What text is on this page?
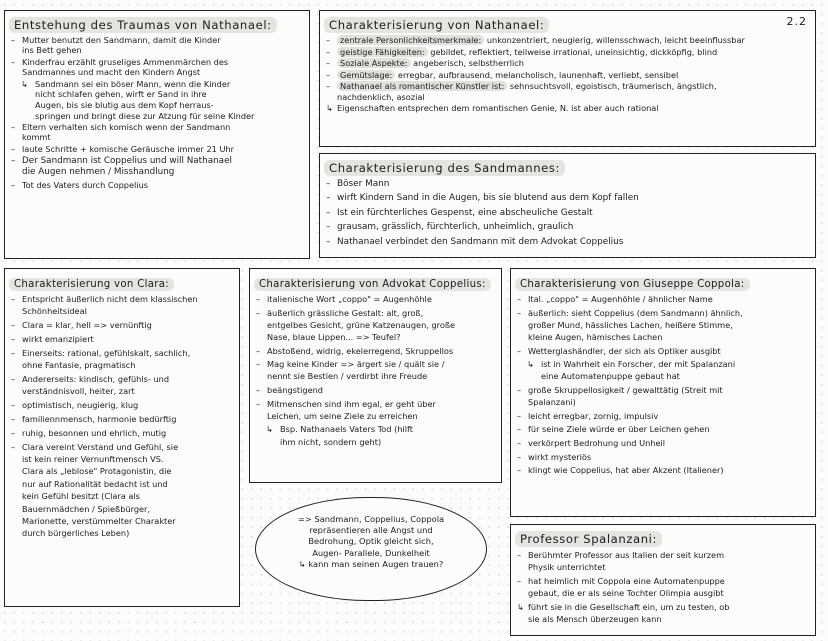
Entstehung des Traumas von Nathanael:
– Mutter benutzt den Sandmann, damit die Kinder
ins Bett gehen
– Kinderfrau erzählt gruseliges Ammenmärchen des
Sandmannes und macht den Kindern Angst
↳ Sandmann sei ein böser Mann, wenn die Kinder
nicht schlafen gehen, wirft er Sand in ihre
Augen, bis sie blutig aus dem Kopf herraus-
springen und bringt diese zur Atzung für seine Kinder
– Eltern verhalten sich komisch wenn der Sandmann
kommt
– laute Schritte + komische Geräusche immer 21 Uhr
– Der Sandmann ist Coppelius und will Nathanael
die Augen nehmen / Misshandlung
– Tot des Vaters durch Coppelius
2.2
Charakterisierung von Nathanael:
– zentrale Personlichkeitsmerkmale: unkonzentriert, neugierig, willensschwach, leicht beeinflussbar
– geistige Fähigkeiten: gebildet, reflektiert, teilweise irrational, uneinsichtig, dickköpfig, blind
– Soziale Aspekte: angeberisch, selbstherrlich
– Gemütslage: erregbar, aufbrausend, melancholisch, launenhaft, verliebt, sensibel
– Nathanael als romantischer Künstler ist: sehnsuchtsvoll, egoistisch, träumerisch, ängstlich,
nachdenklich, asozial
↳ Eigenschaften entsprechen dem romantischen Genie, N. ist aber auch rational
Charakterisierung des Sandmannes:
– Böser Mann
– wirft Kindern Sand in die Augen, bis sie blutend aus dem Kopf fallen
– Ist ein fürchterliches Gespenst, eine abscheuliche Gestalt
– grausam, grässlich, fürchterlich, unheimlich, graulich
– Nathanael verbindet den Sandmann mit dem Advokat Coppelius
Charakterisierung von Clara:
– Entspricht äußerlich nicht dem klassischen
Schönheitsideal
– Clara = klar, hell => vernünftig
– wirkt emanzipiert
– Einerseits: rational, gefühlskalt, sachlich,
ohne Fantasie, pragmatisch
– Andererseits: kindisch, gefühls- und
verständnisvoll, heiter, zart
– optimistisch, neugierig, klug
– familiennmensch, harmonie bedürftig
– ruhig, besonnen und ehrlich, mutig
– Clara vereint Verstand und Gefühl, sie
ist kein reiner Vernunftmensch VS.
Clara als „leblose" Protagonistin, die
nur auf Rationalität bedacht ist und
kein Gefühl besitzt (Clara als
Bauernmädchen / Spießbürger,
Marionette, verstümmelter Charakter
durch bürgerliches Leben)
Charakterisierung von Advokat Coppelius:
– italienische Wort „coppo" = Augenhöhle
– äußerlich grässliche Gestalt: alt, groß,
entgelbes Gesicht, grüne Katzenaugen, große
Nase, blaue Lippen... => Teufel?
– Abstoßend, widrig, ekelerregend, Skruppellos
– Mag keine Kinder => ärgert sie / quält sie /
nennt sie Bestien / verdirbt ihre Freude
– beängstigend
– Mitmenschen sind ihm egal, er geht über
Leichen, um seine Ziele zu erreichen
↳ Bsp. Nathanaels Vaters Tod (hilft
ihm nicht, sondern geht)
Charakterisierung von Giuseppe Coppola:
– Ital. „coppo" = Augenhöhle / ähnlicher Name
– äußerlich: sieht Coppelius (dem Sandmann) ähnlich,
großer Mund, hässliches Lachen, heißere Stimme,
kleine Augen, hämisches Lachen
– Wetterglashändler, der sich als Optiker ausgibt
↳ ist in Wahrheit ein Forscher, der mit Spalanzani
eine Automatenpuppe gebaut hat
– große Skruppellosigkeit / gewalttätig (Streit mit
Spalanzani)
– leicht erregbar, zornig, impulsiv
– für seine Ziele würde er über Leichen gehen
– verkörpert Bedrohung und Unheil
– wirkt mysteriös
– klingt wie Coppelius, hat aber Akzent (Italiener)
Professor Spalanzani:
– Berühmter Professor aus Italien der seit kurzem
Physik unterrichtet
– hat heimlich mit Coppola eine Automatenpuppe
gebaut, die er als seine Tochter Olimpia ausgibt
↳ führt sie in die Gesellschaft ein, um zu testen, ob
sie als Mensch überzeugen kann
=> Sandmann, Coppelius, Coppola
repräsentieren alle Angst und
Bedrohung, Optik gleicht sich,
Augen- Parallele, Dunkelheit
↳ kann man seinen Augen trauen?
